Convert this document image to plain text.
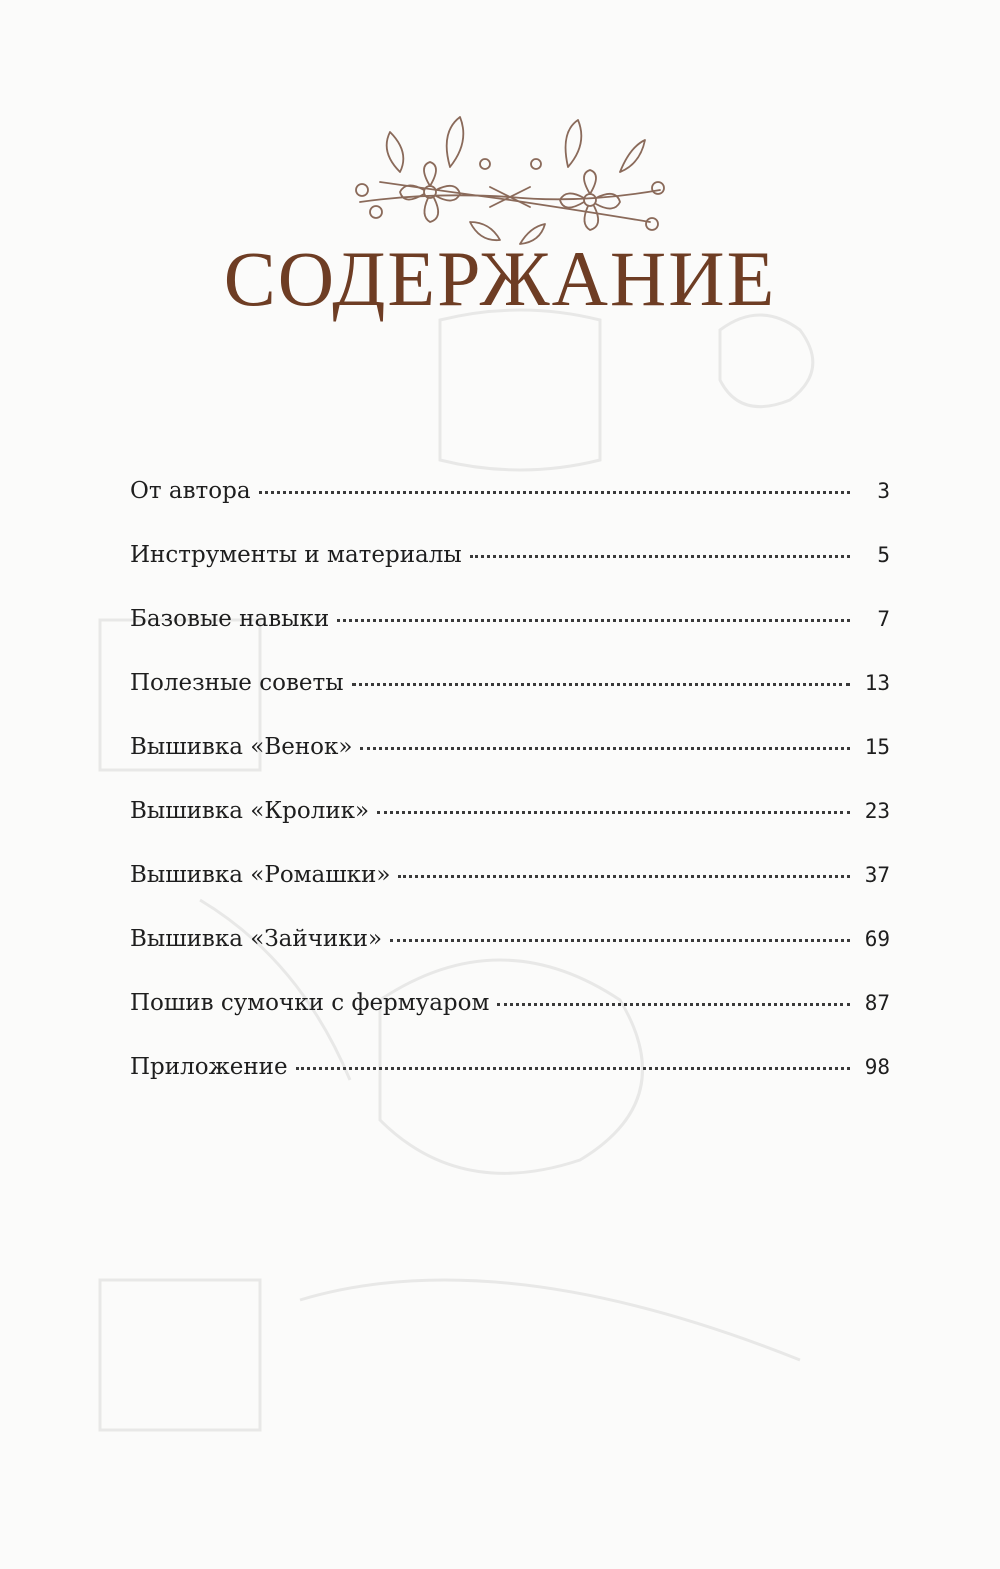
СОДЕРЖАНИЕ
От автора	3
Инструменты и материалы	5
Базовые навыки	7
Полезные советы	13
Вышивка «Венок»	15
Вышивка «Кролик»	23
Вышивка «Ромашки»	37
Вышивка «Зайчики»	69
Пошив сумочки с фермуаром	87
Приложение	98
